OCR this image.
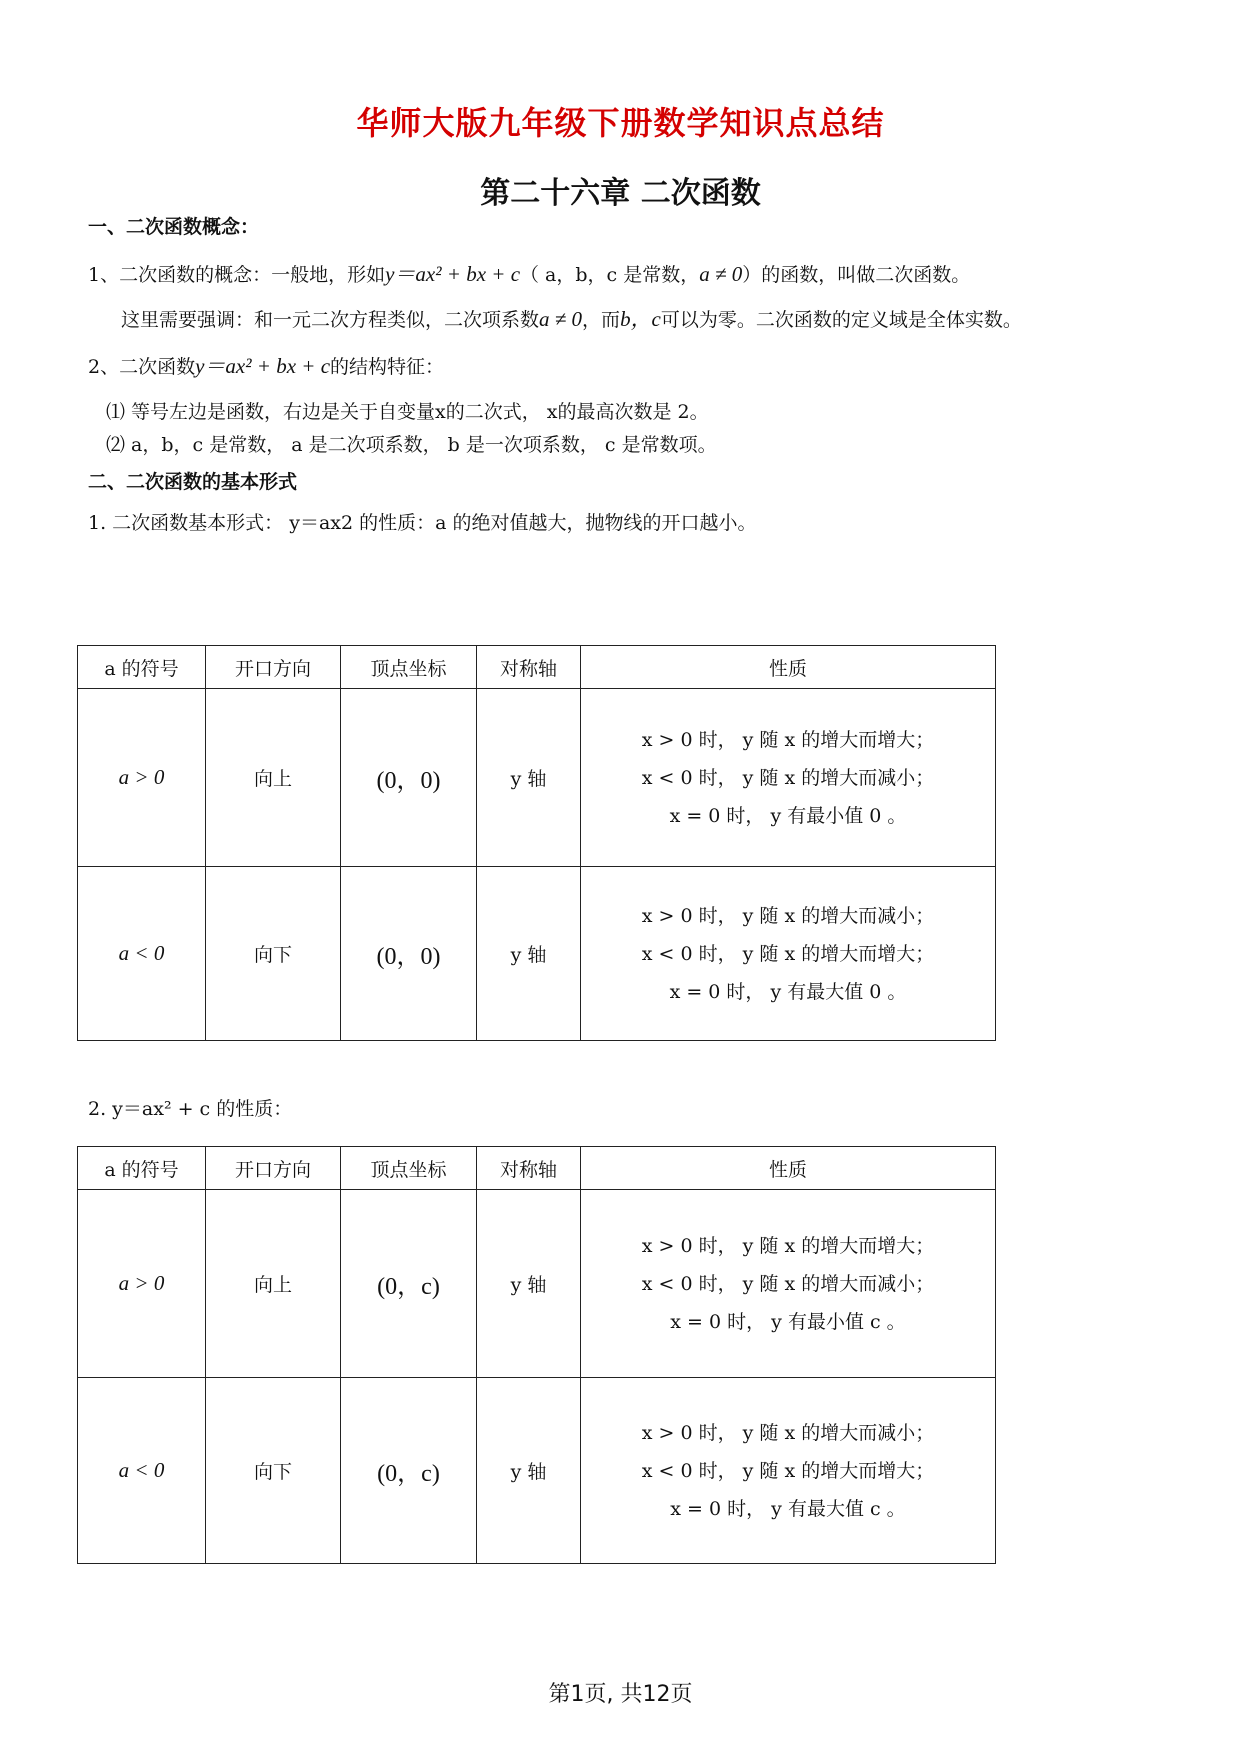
华师大版九年级下册数学知识点总结
第二十六章 二次函数
一、二次函数概念：
1、二次函数的概念：一般地，形如y＝ax² + bx + c（ a，b，c 是常数，a ≠ 0）的函数，叫做二次函数。
这里需要强调：和一元二次方程类似，二次项系数a ≠ 0，而b，c可以为零。二次函数的定义域是全体实数。
2、二次函数y＝ax² + bx + c的结构特征：
⑴ 等号左边是函数，右边是关于自变量x的二次式， x的最高次数是 2。
⑵ a，b，c 是常数， a 是二次项系数， b 是一次项系数， c 是常数项。
二、二次函数的基本形式
1. 二次函数基本形式： y＝ax2 的性质：a 的绝对值越大，抛物线的开口越小。
a 的符号	开口方向	顶点坐标	对称轴	性质
a > 0	向上	(0，0)	y 轴	x > 0 时， y 随 x 的增大而增大；
x < 0 时， y 随 x 的增大而减小；
x = 0 时， y 有最小值 0 。

a < 0	向下	(0，0)	y 轴	x > 0 时， y 随 x 的增大而减小；
x < 0 时， y 随 x 的增大而增大；
x = 0 时， y 有最大值 0 。
2. y＝ax² + c 的性质：
a 的符号	开口方向	顶点坐标	对称轴	性质
a > 0	向上	(0，c)	y 轴	x > 0 时， y 随 x 的增大而增大；
x < 0 时， y 随 x 的增大而减小；
x = 0 时， y 有最小值 c 。

a < 0	向下	(0，c)	y 轴	x > 0 时， y 随 x 的增大而减小；
x < 0 时， y 随 x 的增大而增大；
x = 0 时， y 有最大值 c 。
第1页, 共12页
